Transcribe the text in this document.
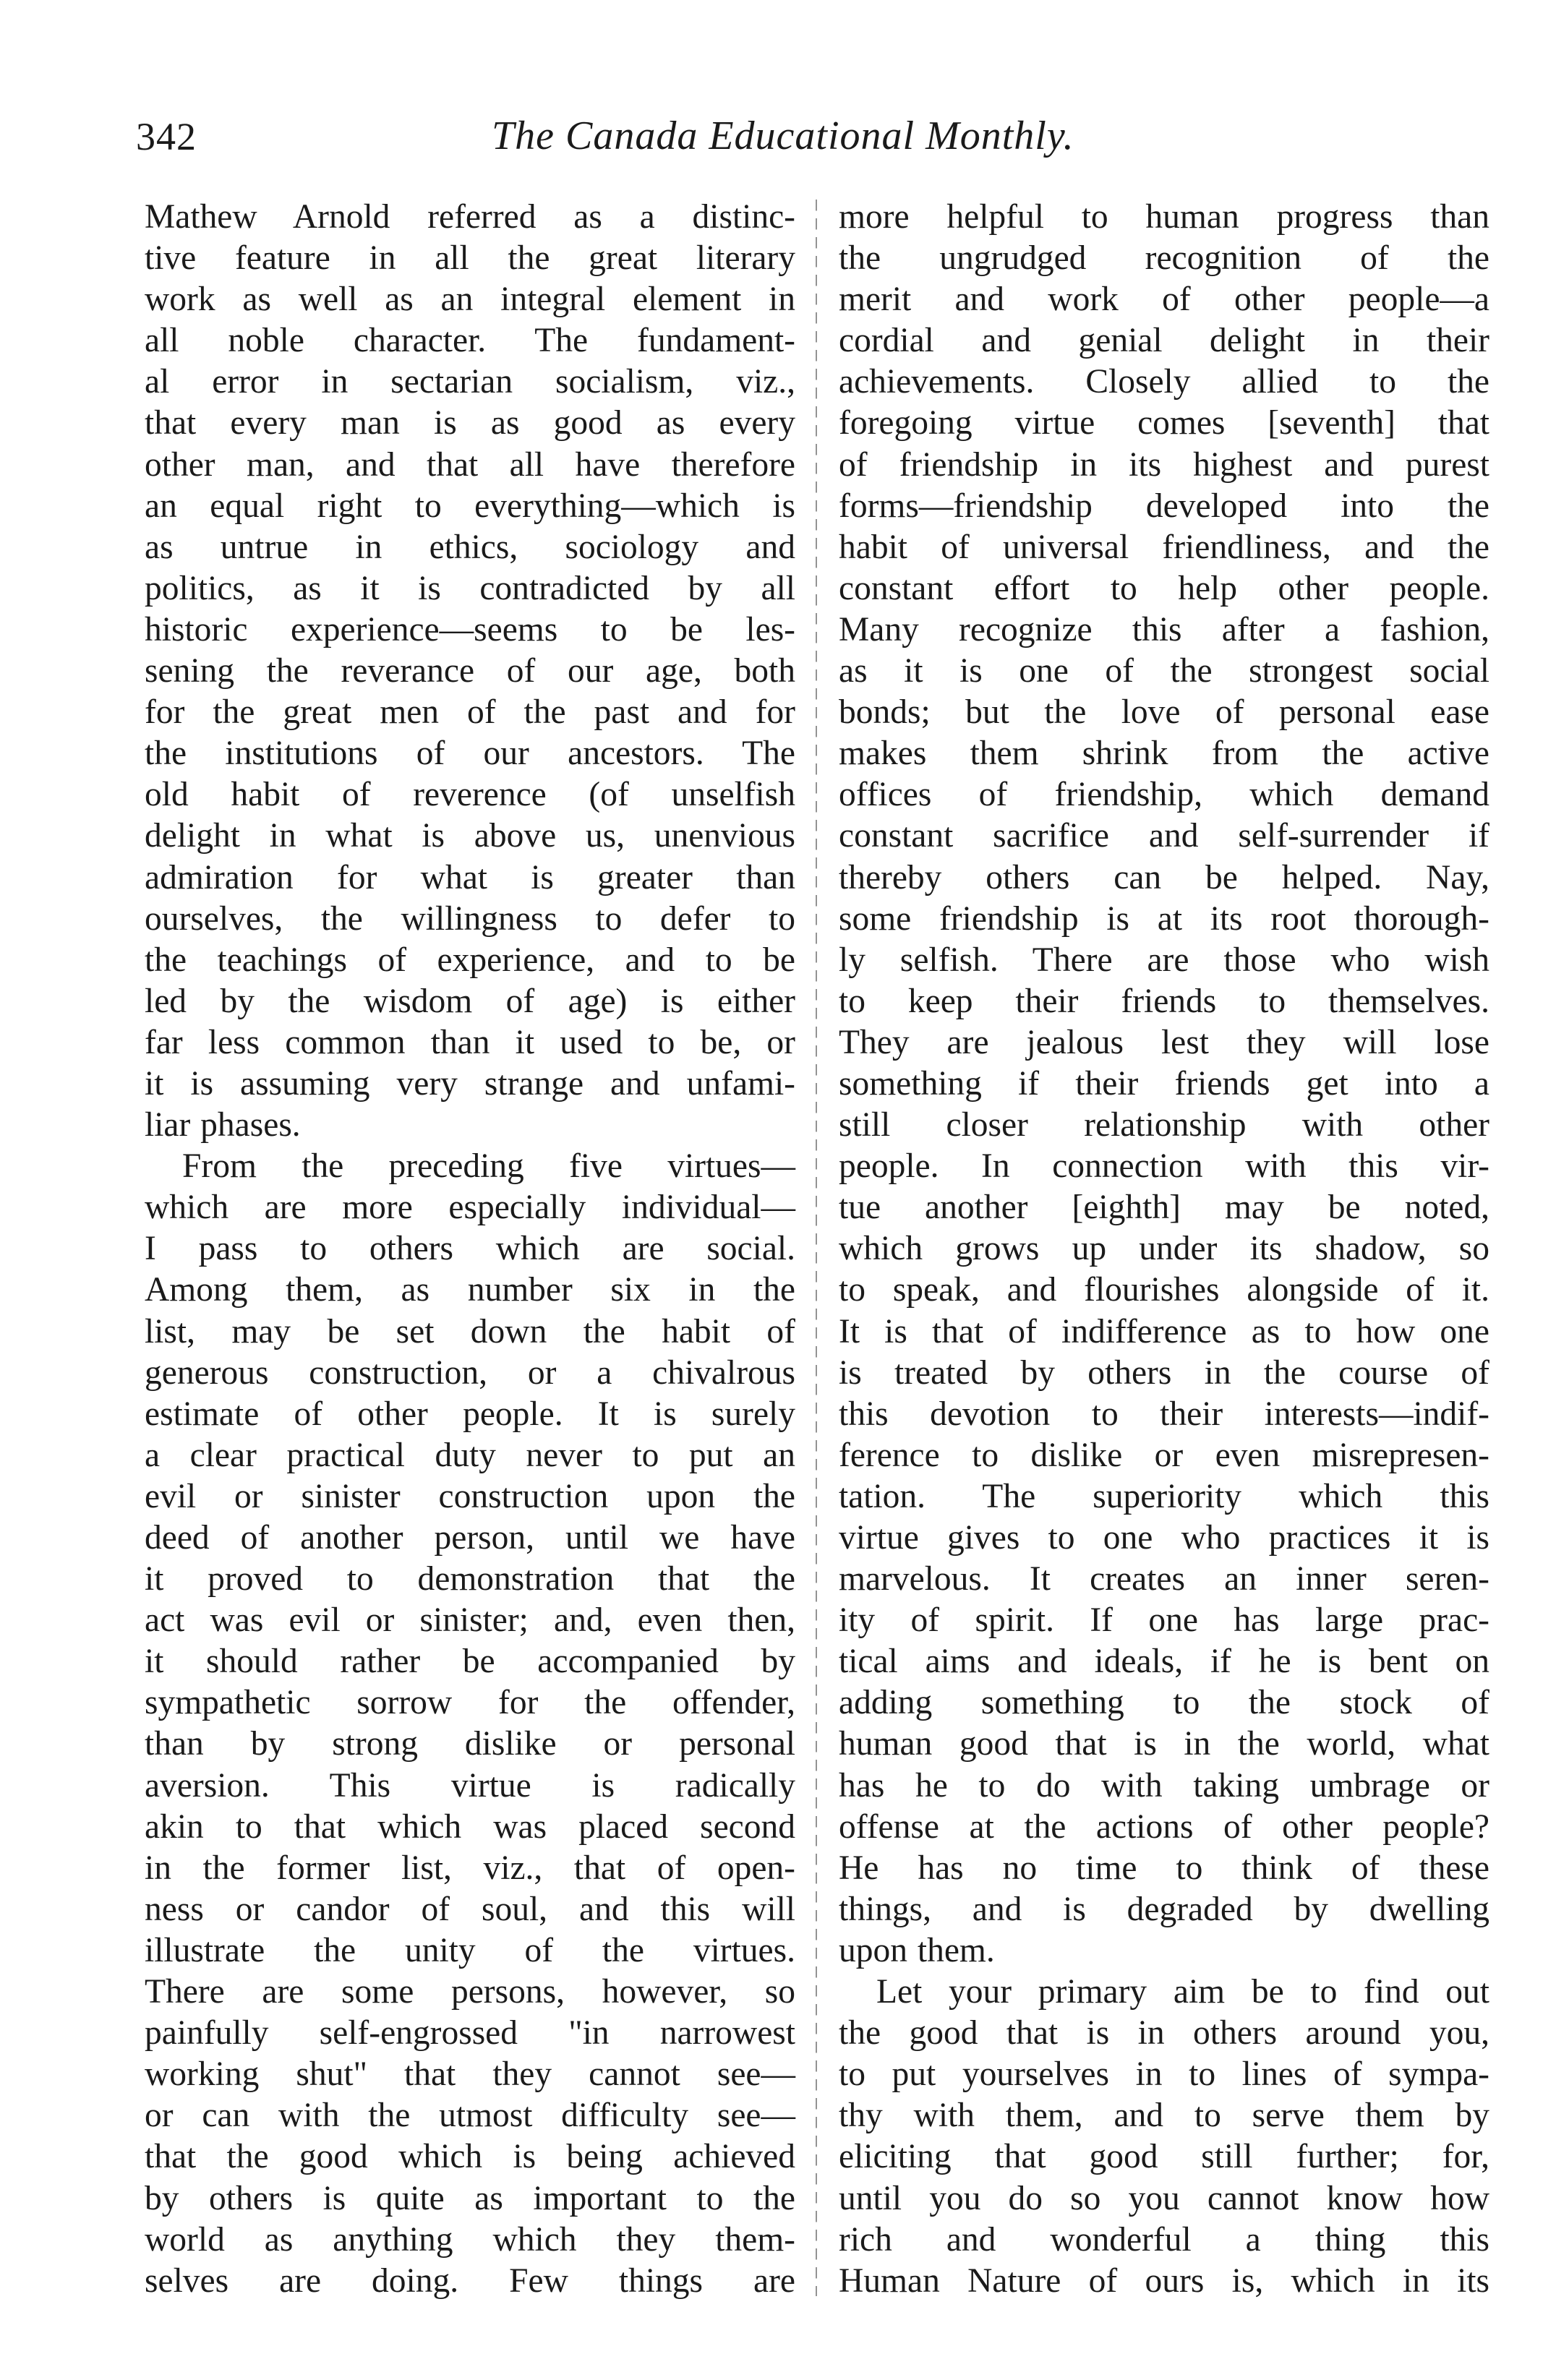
342	The Canada Educational Monthly.
Mathew Arnold referred as a distinc-
tive feature in all the great literary
work as well as an integral element in
all noble character. The fundament-
al error in sectarian socialism, viz.,
that every man is as good as every
other man, and that all have therefore
an equal right to everything—which is
as untrue in ethics, sociology and
politics, as it is contradicted by all
historic experience—seems to be les-
sening the reverance of our age, both
for the great men of the past and for
the institutions of our ancestors. The
old habit of reverence (of unselfish
delight in what is above us, unenvious
admiration for what is greater than
ourselves, the willingness to defer to
the teachings of experience, and to be
led by the wisdom of age) is either
far less common than it used to be, or
it is assuming very strange and unfami-
liar phases.
From the preceding five virtues—
which are more especially individual—
I pass to others which are social.
Among them, as number six in the
list, may be set down the habit of
generous construction, or a chivalrous
estimate of other people. It is surely
a clear practical duty never to put an
evil or sinister construction upon the
deed of another person, until we have
it proved to demonstration that the
act was evil or sinister; and, even then,
it should rather be accompanied by
sympathetic sorrow for the offender,
than by strong dislike or personal
aversion. This virtue is radically
akin to that which was placed second
in the former list, viz., that of open-
ness or candor of soul, and this will
illustrate the unity of the virtues.
There are some persons, however, so
painfully self-engrossed "in narrowest
working shut" that they cannot see—
or can with the utmost difficulty see—
that the good which is being achieved
by others is quite as important to the
world as anything which they them-
selves are doing. Few things are
more helpful to human progress than
the ungrudged recognition of the
merit and work of other people—a
cordial and genial delight in their
achievements. Closely allied to the
foregoing virtue comes [seventh] that
of friendship in its highest and purest
forms—friendship developed into the
habit of universal friendliness, and the
constant effort to help other people.
Many recognize this after a fashion,
as it is one of the strongest social
bonds; but the love of personal ease
makes them shrink from the active
offices of friendship, which demand
constant sacrifice and self-surrender if
thereby others can be helped. Nay,
some friendship is at its root thorough-
ly selfish. There are those who wish
to keep their friends to themselves.
They are jealous lest they will lose
something if their friends get into a
still closer relationship with other
people. In connection with this vir-
tue another [eighth] may be noted,
which grows up under its shadow, so
to speak, and flourishes alongside of it.
It is that of indifference as to how one
is treated by others in the course of
this devotion to their interests—indif-
ference to dislike or even misrepresen-
tation. The superiority which this
virtue gives to one who practices it is
marvelous. It creates an inner seren-
ity of spirit. If one has large prac-
tical aims and ideals, if he is bent on
adding something to the stock of
human good that is in the world, what
has he to do with taking umbrage or
offense at the actions of other people?
He has no time to think of these
things, and is degraded by dwelling
upon them.
Let your primary aim be to find out
the good that is in others around you,
to put yourselves in to lines of sympa-
thy with them, and to serve them by
eliciting that good still further; for,
until you do so you cannot know how
rich and wonderful a thing this
Human Nature of ours is, which in its
